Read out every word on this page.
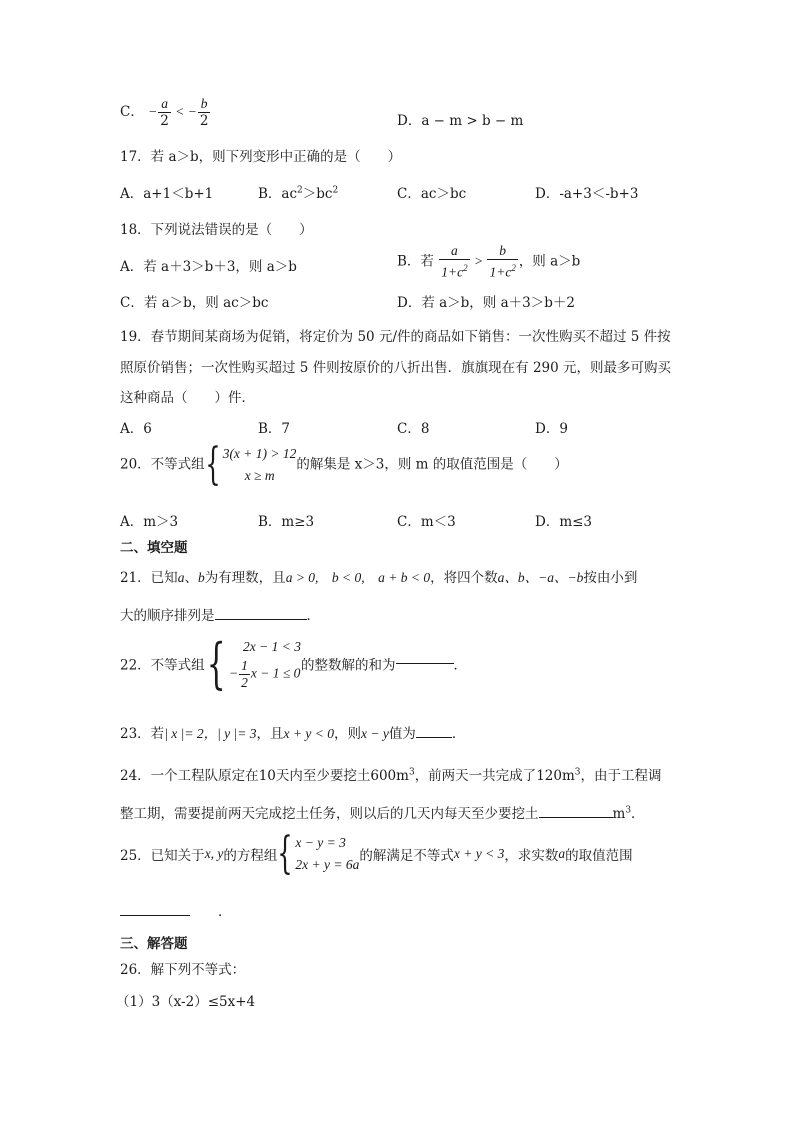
C． − $\frac{a}{2}$ < − $\frac{b}{2}$	D．a − m > b − m
17．若 a＞b，则下列变形中正确的是（　　）
A．a+1＜b+1	B．$ac^2>bc^2$	C．ac＞bc	D．-a+3＜-b+3
18．下列说法错误的是（　　）
A．若 a＋3＞b＋3，则 a＞b	B．若 $\frac{a}{1+c^2} > \frac{b}{1+c^2}$ ，则 a＞b
C．若 a＞b，则 ac＞bc	D．若 a＞b，则 a＋3＞b＋2
19．春节期间某商场为促销，将定价为 50 元/件的商品如下销售：一次性购买不超过 5 件按
照原价销售；一次性购买超过 5 件则按原价的八折出售．旗旗现在有 290 元，则最多可购买
这种商品（　　）件．
A．6	B．7	C．8	D．9
20．不等式组{ 3(x + 1) > 12
x ≥ m
的解集是 x＞3，则 m 的取值范围是（　　）
A．m＞3	B．m≥3	C．m＜3	D．m≤3
二、填空题
21．已知a、b为有理数，且a > 0,　b < 0,　a + b < 0，将四个数a、b、−a、−b按由小到
大的顺序排列是	．
22．不等式组{	2x − 1 < 3
− $\frac{1}{2}$ x − 1 ≤ 0 的整数解的和为	．
23．若| x |= 2，| y |= 3，且x + y < 0，则x − y值为	．
24．一个工程队原定在10天内至少要挖土$600m^3$，前两天一共完成了$120m^3$，由于工程调
整工期，需要提前两天完成挖土任务，则以后的几天内每天至少要挖土	$m^3$．
25．已知关于x, y的方程组{ x − y = 3
2x + y = 6a
的解满足不等式x + y < 3，求实数a的取值范围
．
三、解答题
26．解下列不等式：
（1）3（x-2）≤5x+4
